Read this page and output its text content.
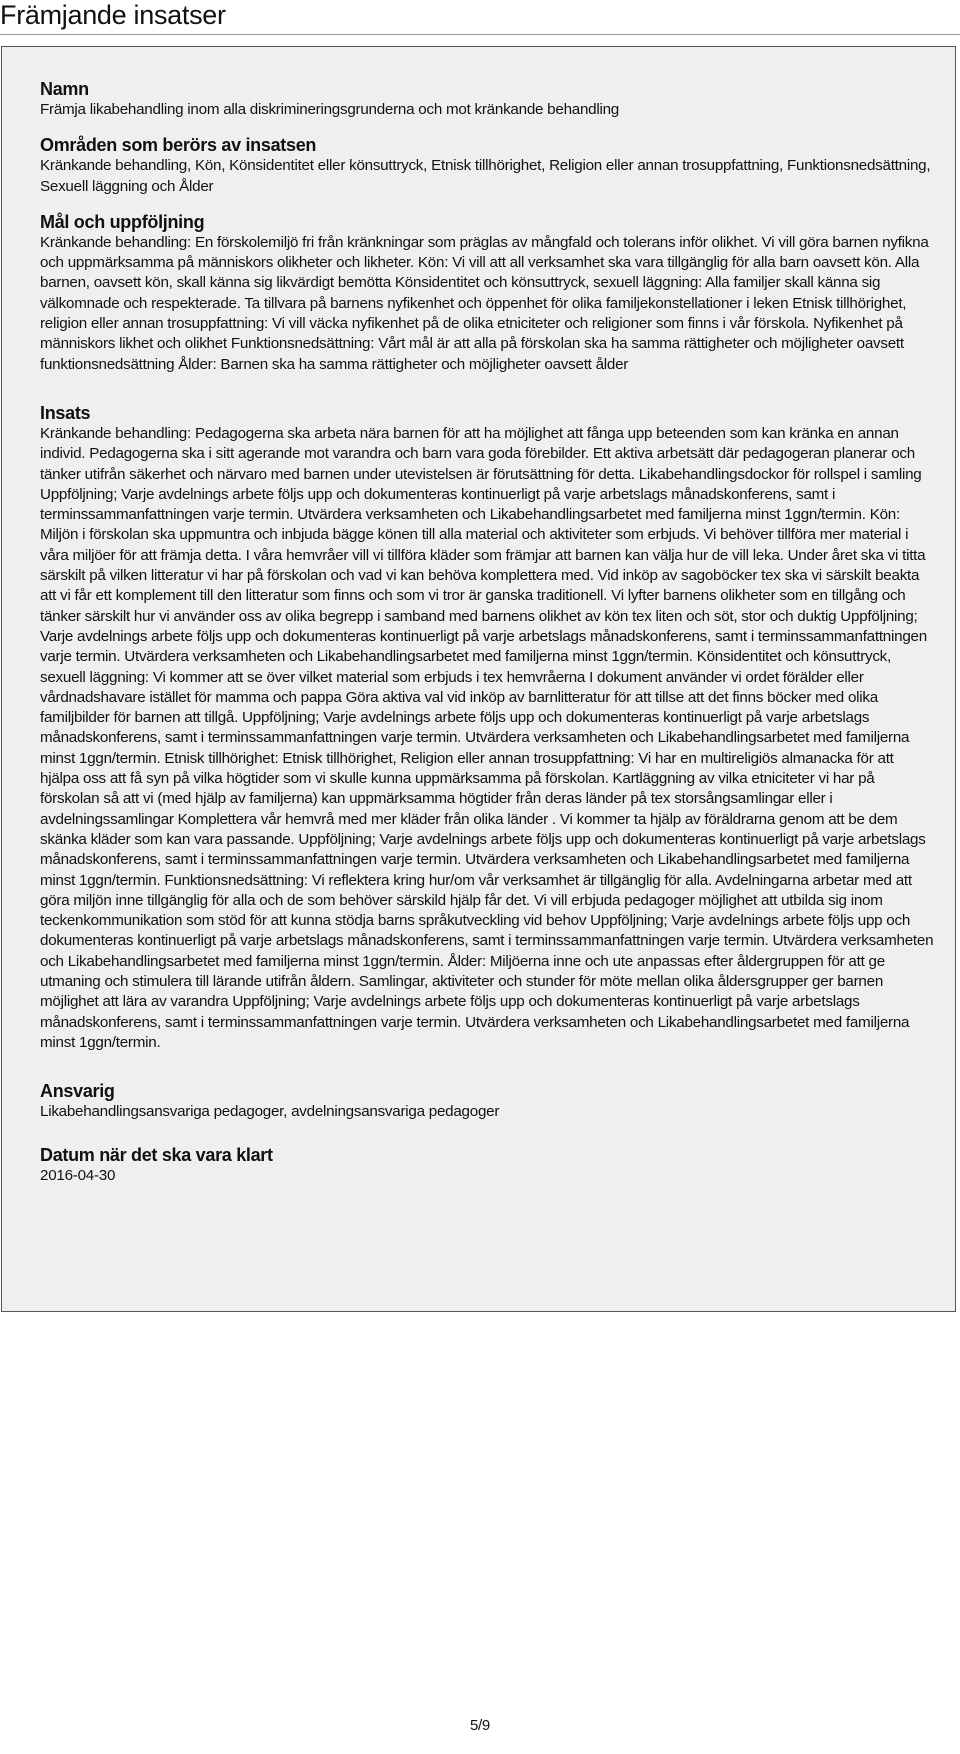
Främjande insatser
Namn

Främja likabehandling inom alla diskrimineringsgrunderna och mot kränkande behandling

Områden som berörs av insatsen

Kränkande behandling, Kön, Könsidentitet eller könsuttryck, Etnisk tillhörighet, Religion eller annan trosuppfattning, Funktionsnedsättning, Sexuell läggning och Ålder

Mål och uppföljning

Kränkande behandling: En förskolemiljö fri från kränkningar som präglas av mångfald och tolerans inför olikhet. Vi vill göra barnen nyfikna och uppmärksamma på människors olikheter och likheter. Kön: Vi vill att all verksamhet ska vara tillgänglig för alla barn oavsett kön. Alla barnen, oavsett kön, skall känna sig likvärdigt bemötta Könsidentitet och könsuttryck, sexuell läggning: Alla familjer skall känna sig välkomnade och respekterade. Ta tillvara på barnens nyfikenhet och öppenhet för olika familjekonstellationer i leken Etnisk tillhörighet, religion eller annan trosuppfattning: Vi vill väcka nyfikenhet på de olika etniciteter och religioner som finns i vår förskola. Nyfikenhet på människors likhet och olikhet Funktionsnedsättning: Vårt mål är att alla på förskolan ska ha samma rättigheter och möjligheter oavsett funktionsnedsättning Ålder: Barnen ska ha samma rättigheter och möjligheter oavsett ålder

Insats

Kränkande behandling: Pedagogerna ska arbeta nära barnen för att ha möjlighet att fånga upp beteenden som kan kränka en annan individ. Pedagogerna ska i sitt agerande mot varandra och barn vara goda förebilder. Ett aktiva arbetsätt där pedagogeran planerar och tänker utifrån säkerhet och närvaro med barnen under utevistelsen är förutsättning för detta. Likabehandlingsdockor för rollspel i samling Uppföljning; Varje avdelnings arbete följs upp och dokumenteras kontinuerligt på varje arbetslags månadskonferens, samt i terminssammanfattningen varje termin. Utvärdera verksamheten och Likabehandlingsarbetet med familjerna minst 1ggn/termin. Kön: Miljön i förskolan ska uppmuntra och inbjuda bägge könen till alla material och aktiviteter som erbjuds. Vi behöver tillföra mer material i våra miljöer för att främja detta. I våra hemvråer vill vi tillföra kläder som främjar att barnen kan välja hur de vill leka. Under året ska vi titta särskilt på vilken litteratur vi har på förskolan och vad vi kan behöva komplettera med. Vid inköp av sagoböcker tex ska vi särskilt beakta att vi får ett komplement till den litteratur som finns och som vi tror är ganska traditionell. Vi lyfter barnens olikheter som en tillgång och tänker särskilt hur vi använder oss av olika begrepp i samband med barnens olikhet av kön tex liten och söt, stor och duktig Uppföljning; Varje avdelnings arbete följs upp och dokumenteras kontinuerligt på varje arbetslags månadskonferens, samt i terminssammanfattningen varje termin. Utvärdera verksamheten och Likabehandlingsarbetet med familjerna minst 1ggn/termin. Könsidentitet och könsuttryck, sexuell läggning: Vi kommer att se över vilket material som erbjuds i tex hemvråerna I dokument använder vi ordet förälder eller vårdnadshavare istället för mamma och pappa Göra aktiva val vid inköp av barnlitteratur för att tillse att det finns böcker med olika familjbilder för barnen att tillgå. Uppföljning; Varje avdelnings arbete följs upp och dokumenteras kontinuerligt på varje arbetslags månadskonferens, samt i terminssammanfattningen varje termin. Utvärdera verksamheten och Likabehandlingsarbetet med familjerna minst 1ggn/termin. Etnisk tillhörighet: Etnisk tillhörighet, Religion eller annan trosuppfattning: Vi har en multireligiös almanacka för att hjälpa oss att få syn på vilka högtider som vi skulle kunna uppmärksamma på förskolan. Kartläggning av vilka etniciteter vi har på förskolan så att vi (med hjälp av familjerna) kan uppmärksamma högtider från deras länder på tex storsångsamlingar eller i avdelningssamlingar Komplettera vår hemvrå med mer kläder från olika länder . Vi kommer ta hjälp av föräldrarna genom att be dem skänka kläder som kan vara passande. Uppföljning; Varje avdelnings arbete följs upp och dokumenteras kontinuerligt på varje arbetslags månadskonferens, samt i terminssammanfattningen varje termin. Utvärdera verksamheten och Likabehandlingsarbetet med familjerna minst 1ggn/termin. Funktionsnedsättning: Vi reflektera kring hur/om vår verksamhet är tillgänglig för alla. Avdelningarna arbetar med att göra miljön inne tillgänglig för alla och de som behöver särskild hjälp får det. Vi vill erbjuda pedagoger möjlighet att utbilda sig inom teckenkommunikation som stöd för att kunna stödja barns språkutveckling vid behov Uppföljning; Varje avdelnings arbete följs upp och dokumenteras kontinuerligt på varje arbetslags månadskonferens, samt i terminssammanfattningen varje termin. Utvärdera verksamheten och Likabehandlingsarbetet med familjerna minst 1ggn/termin. Ålder: Miljöerna inne och ute anpassas efter åldergruppen för att ge utmaning och stimulera till lärande utifrån åldern. Samlingar, aktiviteter och stunder för möte mellan olika åldersgrupper ger barnen möjlighet att lära av varandra Uppföljning; Varje avdelnings arbete följs upp och dokumenteras kontinuerligt på varje arbetslags månadskonferens, samt i terminssammanfattningen varje termin. Utvärdera verksamheten och Likabehandlingsarbetet med familjerna minst 1ggn/termin.

Ansvarig

Likabehandlingsansvariga pedagoger, avdelningsansvariga pedagoger

Datum när det ska vara klart

2016-04-30

5/9
